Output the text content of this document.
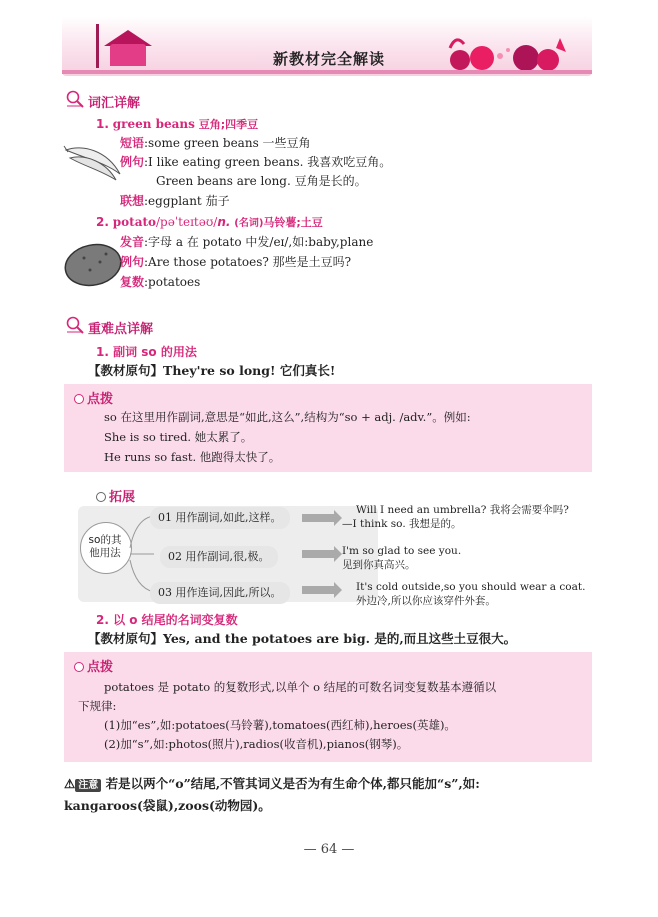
新教材完全解读
词汇详解
1. green beans 豆角;四季豆
短语:some green beans 一些豆角
例句:I like eating green beans. 我喜欢吃豆角。
Green beans are long. 豆角是长的。
联想:eggplant 茄子
2. potato/pəˈteɪtəʊ/n. (名词)马铃薯;土豆
发音:字母 a 在 potato 中发/eɪ/,如:baby,plane
例句:Are those potatoes? 那些是土豆吗?
复数:potatoes
重难点详解
1. 副词 so 的用法
【教材原句】They're so long! 它们真长!
点拨
so 在这里用作副词,意思是“如此,这么”,结构为“so + adj. /adv.”。例如:
She is so tired. 她太累了。
He runs so fast. 他跑得太快了。
拓展
so的其
他用法
01 用作副词,如此,这样。
02 用作副词,很,极。
03 用作连词,因此,所以。
Will I need an umbrella? 我将会需要伞吗?
—I think so. 我想是的。
I'm so glad to see you.
见到你真高兴。
It's cold outside,so you should wear a coat.
外边冷,所以你应该穿件外套。
2. 以 o 结尾的名词变复数
【教材原句】Yes, and the potatoes are big. 是的,而且这些土豆很大。
点拨
potatoes 是 potato 的复数形式,以单个 o 结尾的可数名词变复数基本遵循以
下规律:
(1)加“es”,如:potatoes(马铃薯),tomatoes(西红柿),heroes(英雄)。
(2)加“s”,如:photos(照片),radios(收音机),pianos(钢琴)。
⚠ 注意 若是以两个“o”结尾,不管其词义是否为有生命个体,都只能加“s”,如:
kangaroos(袋鼠),zoos(动物园)。
— 64 —
